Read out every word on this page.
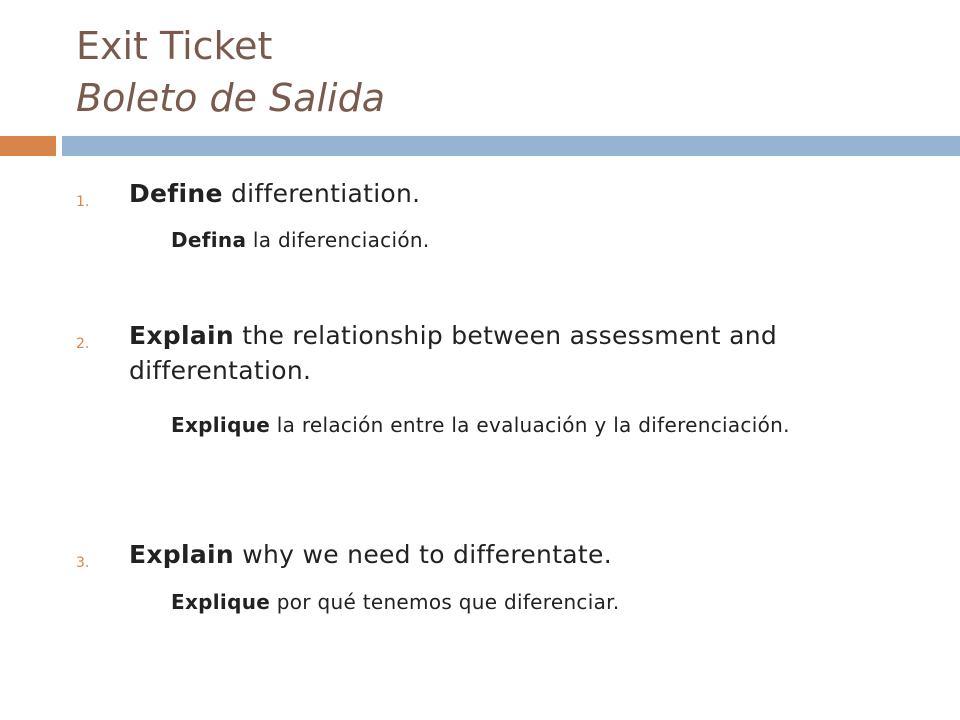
Exit Ticket
Boleto de Salida
1. Define differentiation.
Defina la diferenciación.
2. Explain the relationship between assessment and differentation.
Explique la relación entre la evaluación y la diferenciación.
3. Explain why we need to differentate.
Explique por qué tenemos que diferenciar.
